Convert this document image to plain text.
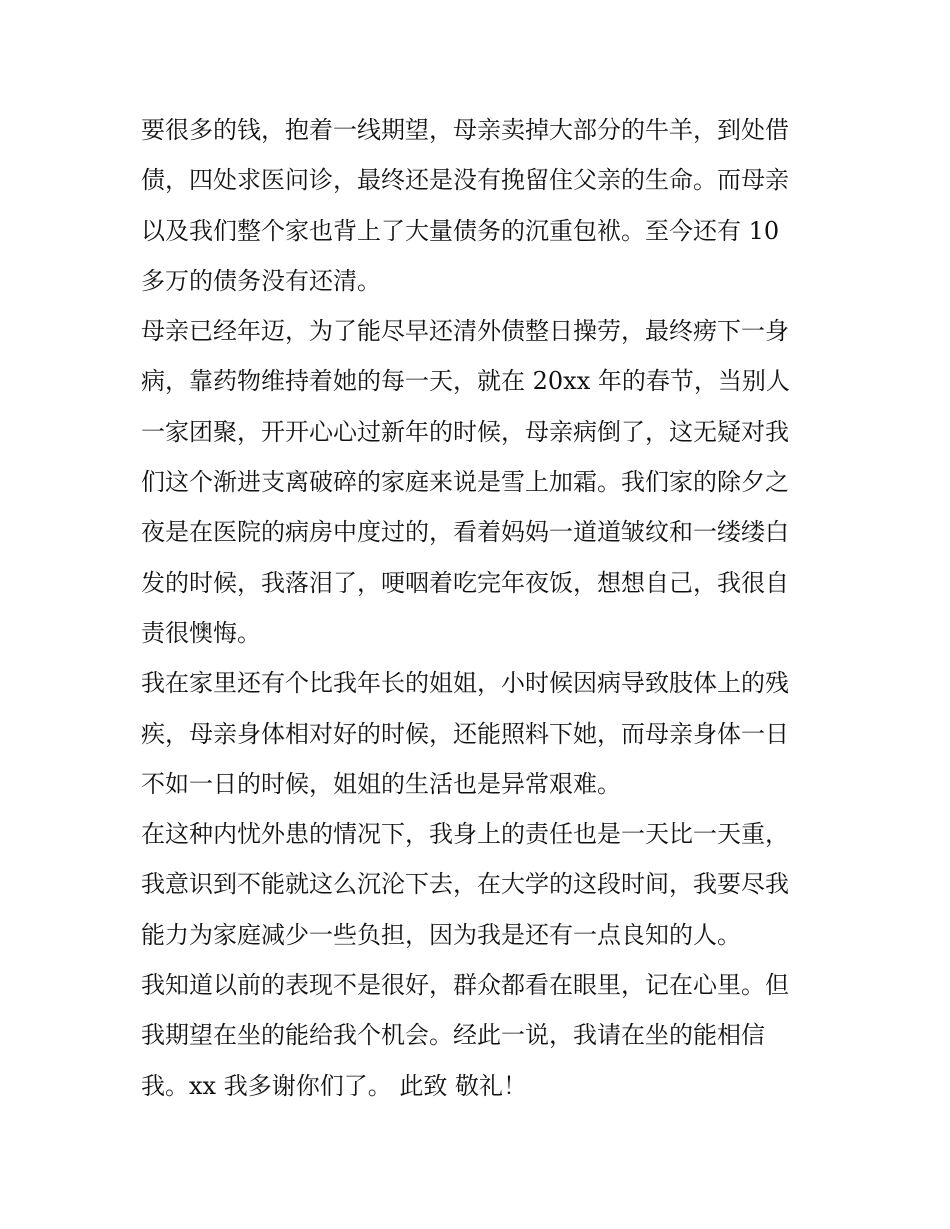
要很多的钱，抱着一线期望，母亲卖掉大部分的牛羊，到处借
债，四处求医问诊，最终还是没有挽留住父亲的生命。而母亲
以及我们整个家也背上了大量债务的沉重包袱。至今还有 10
多万的债务没有还清。

母亲已经年迈，为了能尽早还清外债整日操劳，最终痨下一身
病，靠药物维持着她的每一天，就在 20xx 年的春节，当别人
一家团聚，开开心心过新年的时候，母亲病倒了，这无疑对我
们这个渐进支离破碎的家庭来说是雪上加霜。我们家的除夕之
夜是在医院的病房中度过的，看着妈妈一道道皱纹和一缕缕白
发的时候，我落泪了，哽咽着吃完年夜饭，想想自己，我很自
责很懊悔。

我在家里还有个比我年长的姐姐，小时候因病导致肢体上的残
疾，母亲身体相对好的时候，还能照料下她，而母亲身体一日
不如一日的时候，姐姐的生活也是异常艰难。

在这种内忧外患的情况下，我身上的责任也是一天比一天重，
我意识到不能就这么沉沦下去，在大学的这段时间，我要尽我
能力为家庭减少一些负担，因为我是还有一点良知的人。

我知道以前的表现不是很好，群众都看在眼里，记在心里。但
我期望在坐的能给我个机会。经此一说，我请在坐的能相信
我。xx 我多谢你们了。 此致 敬礼！
